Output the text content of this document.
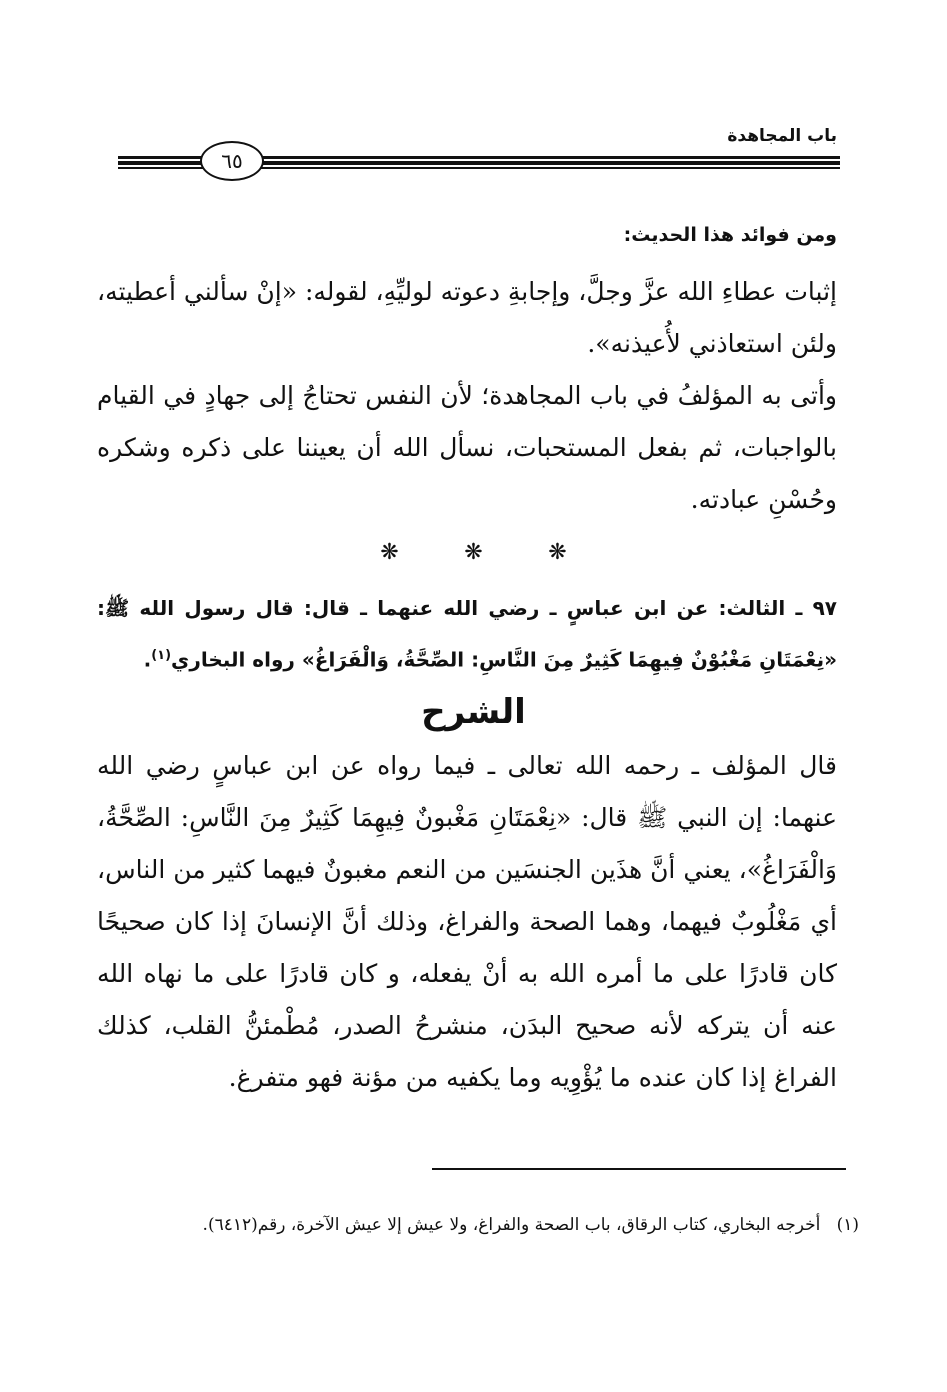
باب المجاهدة
٦٥
ومن فوائد هذا الحديث:
إثبات عطاءِ الله عزَّ وجلَّ، وإجابةِ دعوته لوليِّهِ، لقوله: «إنْ سألني أعطيته، ولئن استعاذني لأُعيذنه».
وأتى به المؤلفُ في باب المجاهدة؛ لأن النفس تحتاجُ إلى جهادٍ في القيام بالواجبات، ثم بفعل المستحبات، نسأل الله أن يعيننا على ذكره وشكره وحُسْنِ عبادته.
❋	❋	❋
٩٧ ـ الثالث: عن ابن عباسٍ ـ رضي الله عنهما ـ قال: قال رسول الله ﷺ: «نِعْمَتَانِ مَغْبُوْنٌ فِيهِمَا كَثِيرٌ مِنَ النَّاسِ: الصِّحَّةُ، وَالْفَرَاغُ» رواه البخاري$^{(١)}$.
الشرح
قال المؤلف ـ رحمه الله تعالى ـ فيما رواه عن ابن عباسٍ رضي الله عنهما: إن النبي ﷺ قال: «نِعْمَتَانِ مَغْبونٌ فِيهِمَا كَثِيرٌ مِنَ النَّاسِ: الصِّحَّةُ، وَالْفَرَاغُ»، يعني أنَّ هذَين الجنسَين من النعم مغبونٌ فيهما كثير من الناس، أي مَغْلُوبٌ فيهما، وهما الصحة والفراغ، وذلك أنَّ الإنسانَ إذا كان صحيحًا كان قادرًا على ما أمره الله به أنْ يفعله، و كان قادرًا على ما نهاه الله عنه أن يتركه لأنه صحيح البدَن، منشرحُ الصدر، مُطْمئنُّ القلب، كذلك الفراغ إذا كان عنده ما يُؤْوِيه وما يكفيه من مؤنة فهو متفرغ.
(١)   أخرجه البخاري، كتاب الرقاق، باب الصحة والفراغ، ولا عيش إلا عيش الآخرة، رقم(٦٤١٢).
